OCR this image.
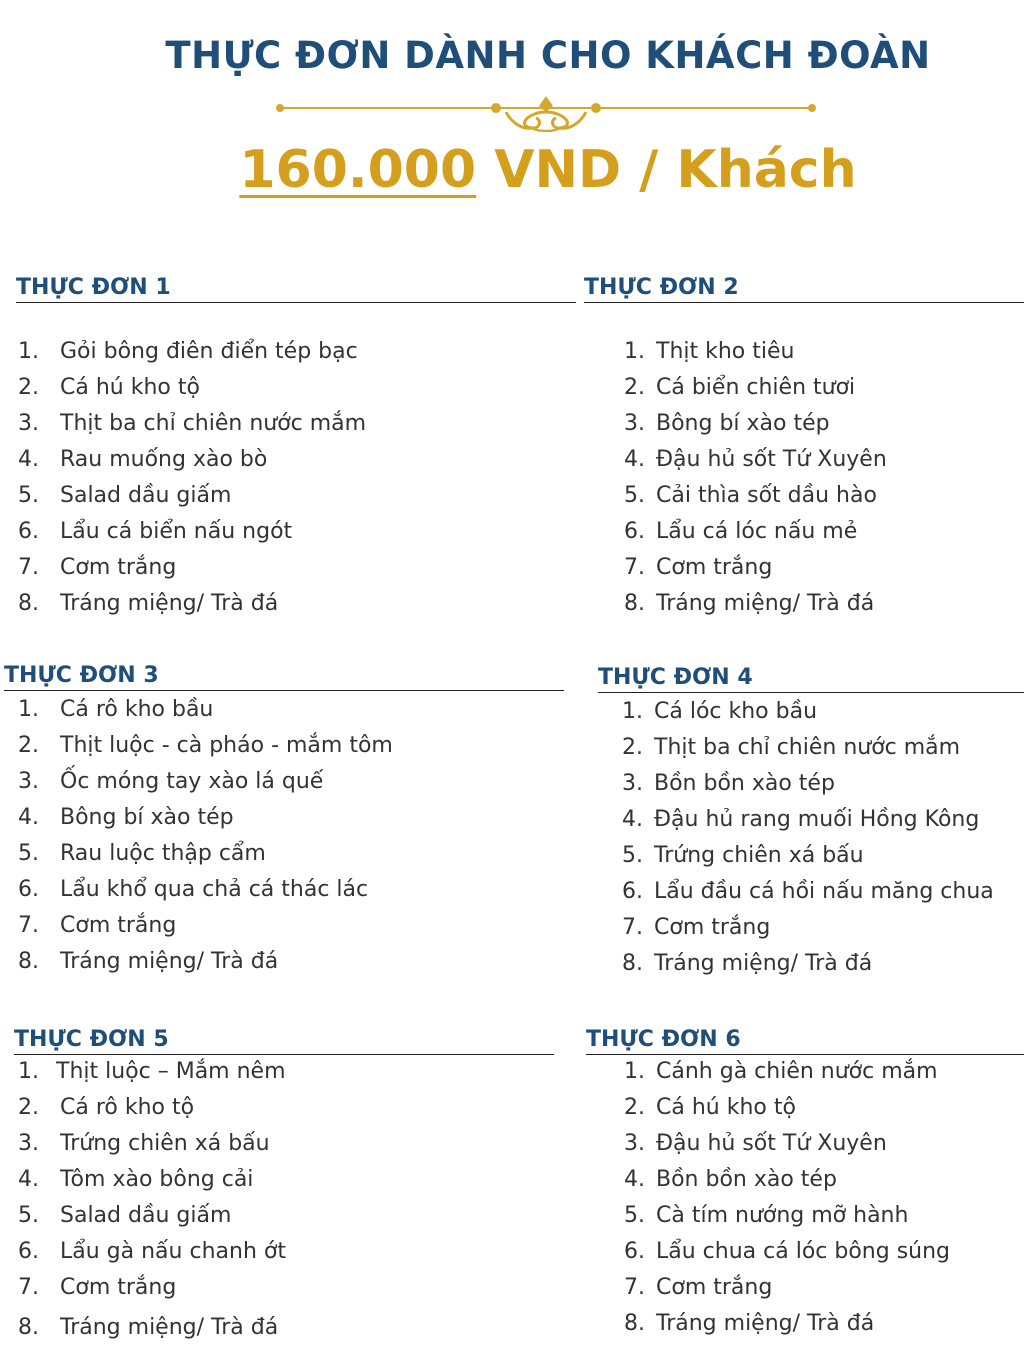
THỰC ĐƠN DÀNH CHO KHÁCH ĐOÀN
160.000 VND / Khách
THỰC ĐƠN 1
1. Gỏi bông điên điển tép bạc
2. Cá hú kho tộ
3. Thịt ba chỉ chiên nước mắm
4. Rau muống xào bò
5. Salad dầu giấm
6. Lẩu cá biển nấu ngót
7. Cơm trắng
8. Tráng miệng/ Trà đá
THỰC ĐƠN 2
1. Thịt kho tiêu
2. Cá biển chiên tươi
3. Bông bí xào tép
4. Đậu hủ sốt Tứ Xuyên
5. Cải thìa sốt dầu hào
6. Lẩu cá lóc nấu mẻ
7. Cơm trắng
8. Tráng miệng/ Trà đá
THỰC ĐƠN 3
1. Cá rô kho bầu
2. Thịt luộc - cà pháo - mắm tôm
3. Ốc móng tay xào lá quế
4. Bông bí xào tép
5. Rau luộc thập cẩm
6. Lẩu khổ qua chả cá thác lác
7. Cơm trắng
8. Tráng miệng/ Trà đá
THỰC ĐƠN 4
1. Cá lóc kho bầu
2. Thịt ba chỉ chiên nước mắm
3. Bồn bồn xào tép
4. Đậu hủ rang muối Hồng Kông
5. Trứng chiên xá bấu
6. Lẩu đầu cá hồi nấu măng chua
7. Cơm trắng
8. Tráng miệng/ Trà đá
THỰC ĐƠN 5
1. Thịt luộc – Mắm nêm
2. Cá rô kho tộ
3. Trứng chiên xá bấu
4. Tôm xào bông cải
5. Salad dầu giấm
6. Lẩu gà nấu chanh ớt
7. Cơm trắng
8. Tráng miệng/ Trà đá
THỰC ĐƠN 6
1. Cánh gà chiên nước mắm
2. Cá hú kho tộ
3. Đậu hủ sốt Tứ Xuyên
4. Bồn bồn xào tép
5. Cà tím nướng mỡ hành
6. Lẩu chua cá lóc bông súng
7. Cơm trắng
8. Tráng miệng/ Trà đá
